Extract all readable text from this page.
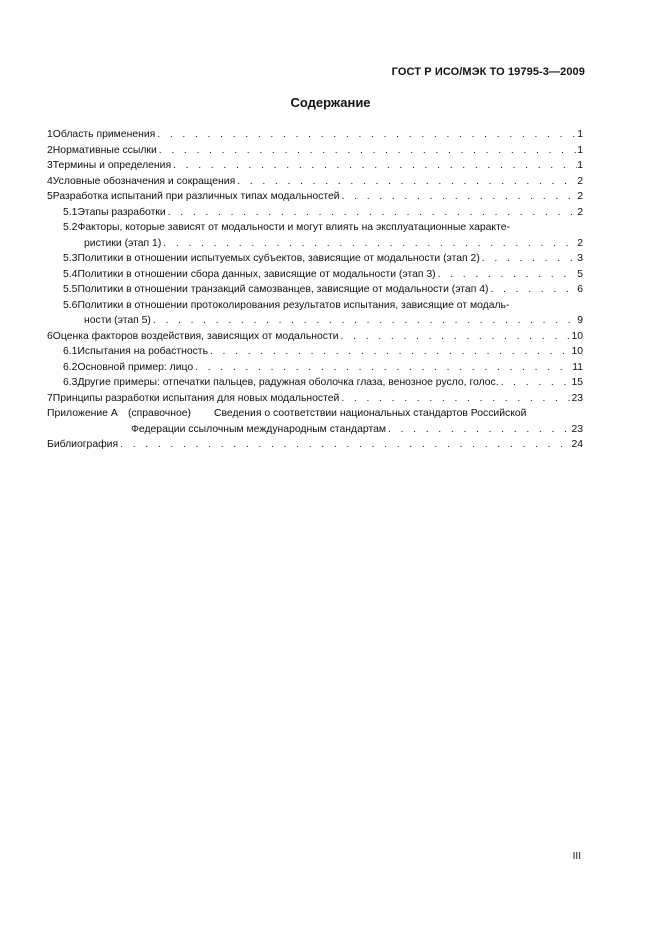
ГОСТ Р ИСО/МЭК ТО 19795-3—2009
Содержание
1 Область применения . . .	1
2 Нормативные ссылки . . .	1
3 Термины и определения . . .	1
4 Условные обозначения и сокращения . . .	2
5 Разработка испытаний при различных типах модальностей . . .	2
5.1 Этапы разработки . . .	2
5.2Факторы, которые зависят от модальности и могут влиять на эксплуатационные характе-
ристики (этап 1) . . .	2
5.3 Политики в отношении испытуемых субъектов, зависящие от модальности (этап 2) . . .	3
5.4 Политики в отношении сбора данных, зависящие от модальности (этап 3) . . .	5
5.5 Политики в отношении транзакций самозванцев, зависящие от модальности (этап 4) . . .	6
5.6Политики в отношении протоколирования результатов испытания, зависящие от модаль-
ности (этап 5) . . .	9
6 Оценка факторов воздействия, зависящих от модальности . . .	10
6.1 Испытания на робастность . . .	10
6.2 Основной пример: лицо . . .	11
6.3 Другие примеры: отпечатки пальцев, радужная оболочка глаза, венозное русло, голос. . . .	15
7 Принципы разработки испытания для новых модальностей . . .	23
Приложение А (справочное)	Сведения о соответствии национальных стандартов Российской
Федерации ссылочным международным стандартам . . .	23
Библиография . . .	24
III
